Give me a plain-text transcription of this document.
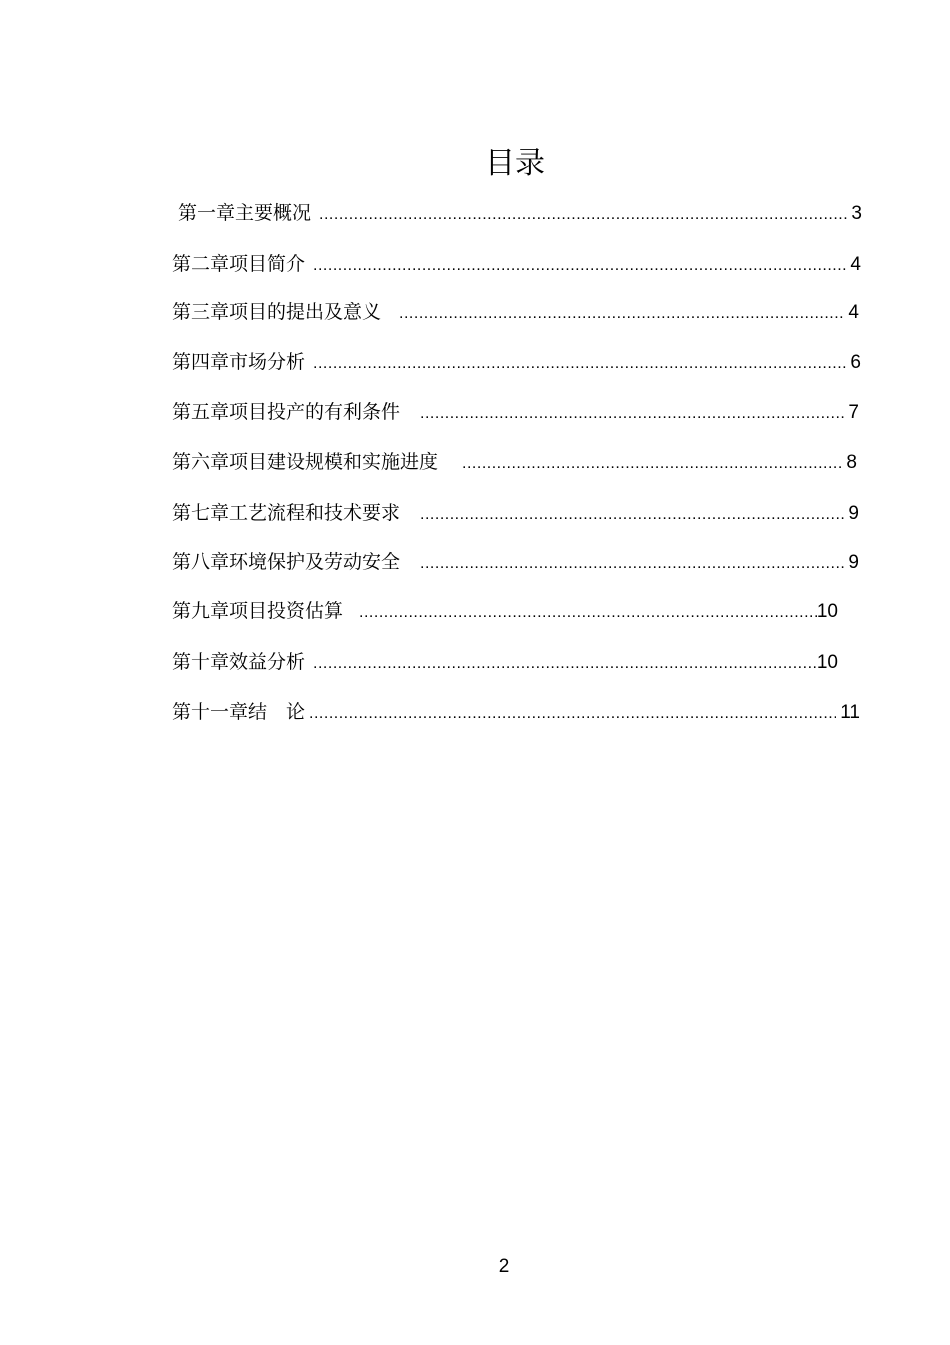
目录
第一章 主要概况 .....	3
第二章 项目简介 .....	4
第三章 项目的提出及意义 .....	4
第四章 市场分析 .....	6
第五章 项目投产的有利条件 .....	7
第六章 项目建设规模和实施进度 .....	8
第七章 工艺流程和技术要求 .....	9
第八章 环境保护及劳动安全 .....	9
第九章 项目投资估算 .....	10
第十章 效益分析 .....	10
第十一章 结　论 .....	11
2
